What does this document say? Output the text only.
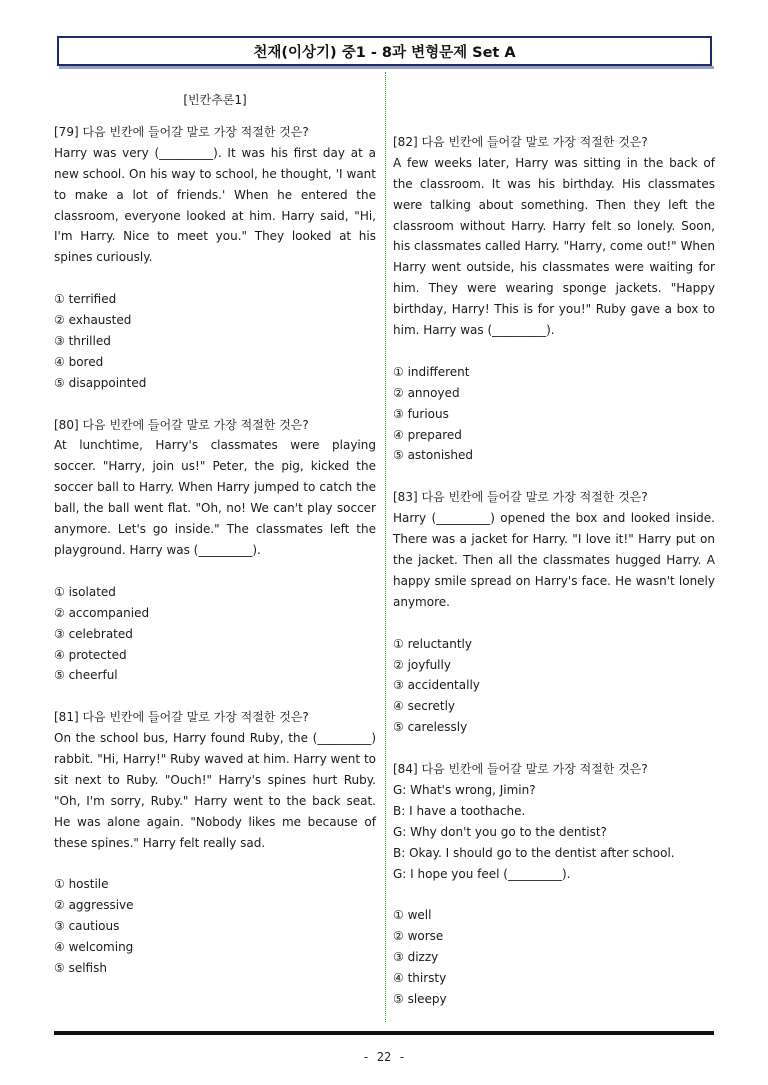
천재(이상기) 중1 - 8과 변형문제 Set A
[빈칸추론1]

[79] 다음 빈칸에 들어갈 말로 가장 적절한 것은?

Harry was very (_________). It was his first day at a new school. On his way to school, he thought, 'I want to make a lot of friends.' When he entered the classroom, everyone looked at him. Harry said, "Hi, I'm Harry. Nice to meet you." They looked at his spines curiously.

① terrified
② exhausted
③ thrilled
④ bored
⑤ disappointed

[80] 다음 빈칸에 들어갈 말로 가장 적절한 것은?

At lunchtime, Harry's classmates were playing soccer. "Harry, join us!" Peter, the pig, kicked the soccer ball to Harry. When Harry jumped to catch the ball, the ball went flat. "Oh, no! We can't play soccer anymore. Let's go inside." The classmates left the playground. Harry was (_________).

① isolated
② accompanied
③ celebrated
④ protected
⑤ cheerful

[81] 다음 빈칸에 들어갈 말로 가장 적절한 것은?

On the school bus, Harry found Ruby, the (_________) rabbit. "Hi, Harry!" Ruby waved at him. Harry went to sit next to Ruby. "Ouch!" Harry's spines hurt Ruby. "Oh, I'm sorry, Ruby." Harry went to the back seat. He was alone again. "Nobody likes me because of these spines." Harry felt really sad.

① hostile
② aggressive
③ cautious
④ welcoming
⑤ selfish

[82] 다음 빈칸에 들어갈 말로 가장 적절한 것은?

A few weeks later, Harry was sitting in the back of the classroom. It was his birthday. His classmates were talking about something. Then they left the classroom without Harry. Harry felt so lonely. Soon, his classmates called Harry. "Harry, come out!" When Harry went outside, his classmates were waiting for him. They were wearing sponge jackets. "Happy birthday, Harry! This is for you!" Ruby gave a box to him. Harry was (_________).

① indifferent
② annoyed
③ furious
④ prepared
⑤ astonished

[83] 다음 빈칸에 들어갈 말로 가장 적절한 것은?

Harry (_________) opened the box and looked inside. There was a jacket for Harry. "I love it!" Harry put on the jacket. Then all the classmates hugged Harry. A happy smile spread on Harry's face. He wasn't lonely anymore.

① reluctantly
② joyfully
③ accidentally
④ secretly
⑤ carelessly

[84] 다음 빈칸에 들어갈 말로 가장 적절한 것은?

G: What's wrong, Jimin?

B: I have a toothache.

G: Why don't you go to the dentist?

B: Okay. I should go to the dentist after school.

G: I hope you feel (_________).

① well
② worse
③ dizzy
④ thirsty
⑤ sleepy
- 22 -
